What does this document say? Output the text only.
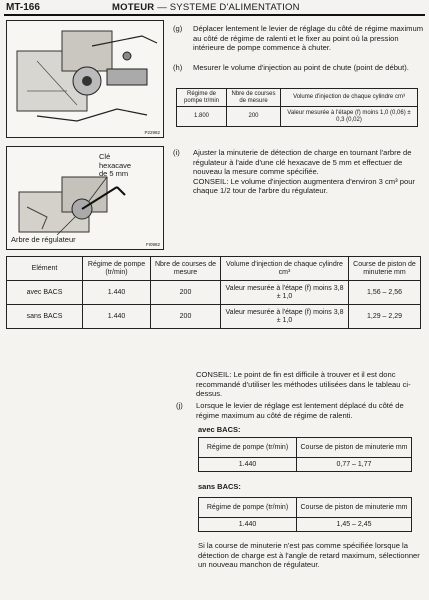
MT-166	MOTEUR — SYSTEME D'ALIMENTATION
P22982
(g) Déplacer lentement le levier de réglage du côté de régime maximum au côté de régime de ralenti et le fixer au point où la pression intérieure de pompe commence à chuter.
(h) Mesurer le volume d'injection au point de chute (point de début).
Régime de pompe tr/min	Nbre de courses de mesure	Volume d'injection de chaque cylindre cm³
1.800	200	Valeur mesurée à l'étape (f) moins 1,0 (0,06) ± 0,3 (0,02)
Clé
hexacave
de 5 mm
Arbre de régulateur
FI0982
(i) Ajuster la minuterie de détection de charge en tournant l'arbre de régulateur à l'aide d'une clé hexacave de 5 mm et effectuer de nouveau la mesure comme spécifiée.
CONSEIL: Le volume d'injection augmentera d'environ 3 cm³ pour chaque 1/2 tour de l'arbre du régulateur.
Elément	Régime de pompe (tr/min)	Nbre de courses de mesure	Volume d'injection de chaque cylindre cm³	Course de piston de minuterie mm
avec BACS	1.440	200	Valeur mesurée à l'étape (f) moins 3,8 ± 1,0	1,56 – 2,56
sans BACS	1.440	200	Valeur mesurée à l'étape (f) moins 3,8 ± 1,0	1,29 – 2,29
CONSEIL: Le point de fin est difficile à trouver et il est donc recommandé d'utiliser les méthodes utilisées dans le tableau ci-dessus.
(j) Lorsque le levier de réglage est lentement déplacé du côté de régime maximum au côté de régime de ralenti.
avec BACS:
Régime de pompe (tr/min)	Course de piston de minuterie mm
1.440	0,77 – 1,77
sans BACS:
Régime de pompe (tr/min)	Course de piston de minuterie mm
1.440	1,45 – 2,45
Si la course de minuterie n'est pas comme spécifiée lorsque la détection de charge est à l'angle de retard maximum, sélectionner un nouveau manchon de régulateur.
